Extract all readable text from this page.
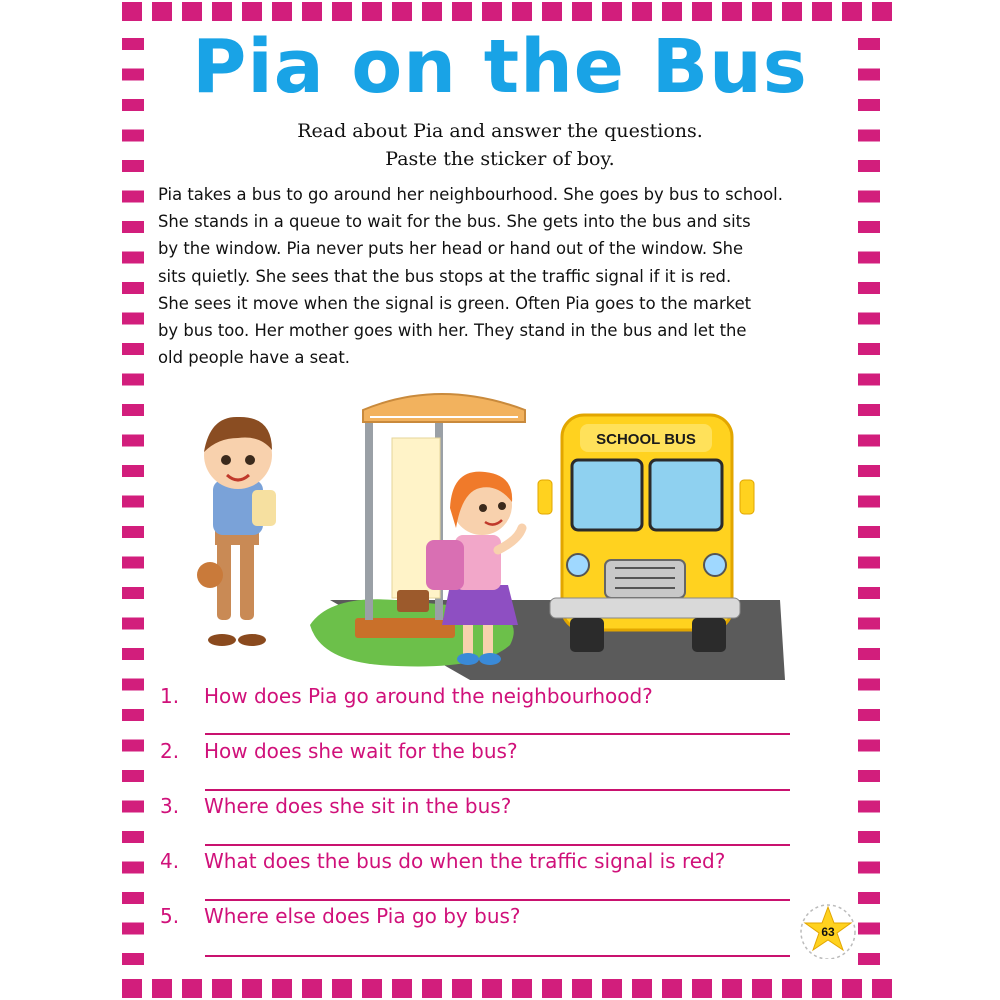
Pia on the Bus

Read about Pia and answer the questions.

Paste the sticker of boy.

Pia takes a bus to go around her neighbourhood. She goes by bus to school.
She stands in a queue to wait for the bus. She gets into the bus and sits
by the window. Pia never puts her head or hand out of the window. She
sits quietly. She sees that the bus stops at the traffic signal if it is red.
She sees it move when the signal is green. Often Pia goes to the market
by bus too. Her mother goes with her. They stand in the bus and let the
old people have a seat.
SCHOOL BUS
1. How does Pia go around the neighbourhood?
2. How does she wait for the bus?
3. Where does she sit in the bus?
4. What does the bus do when the traffic signal is red?
5. Where else does Pia go by bus?
63
